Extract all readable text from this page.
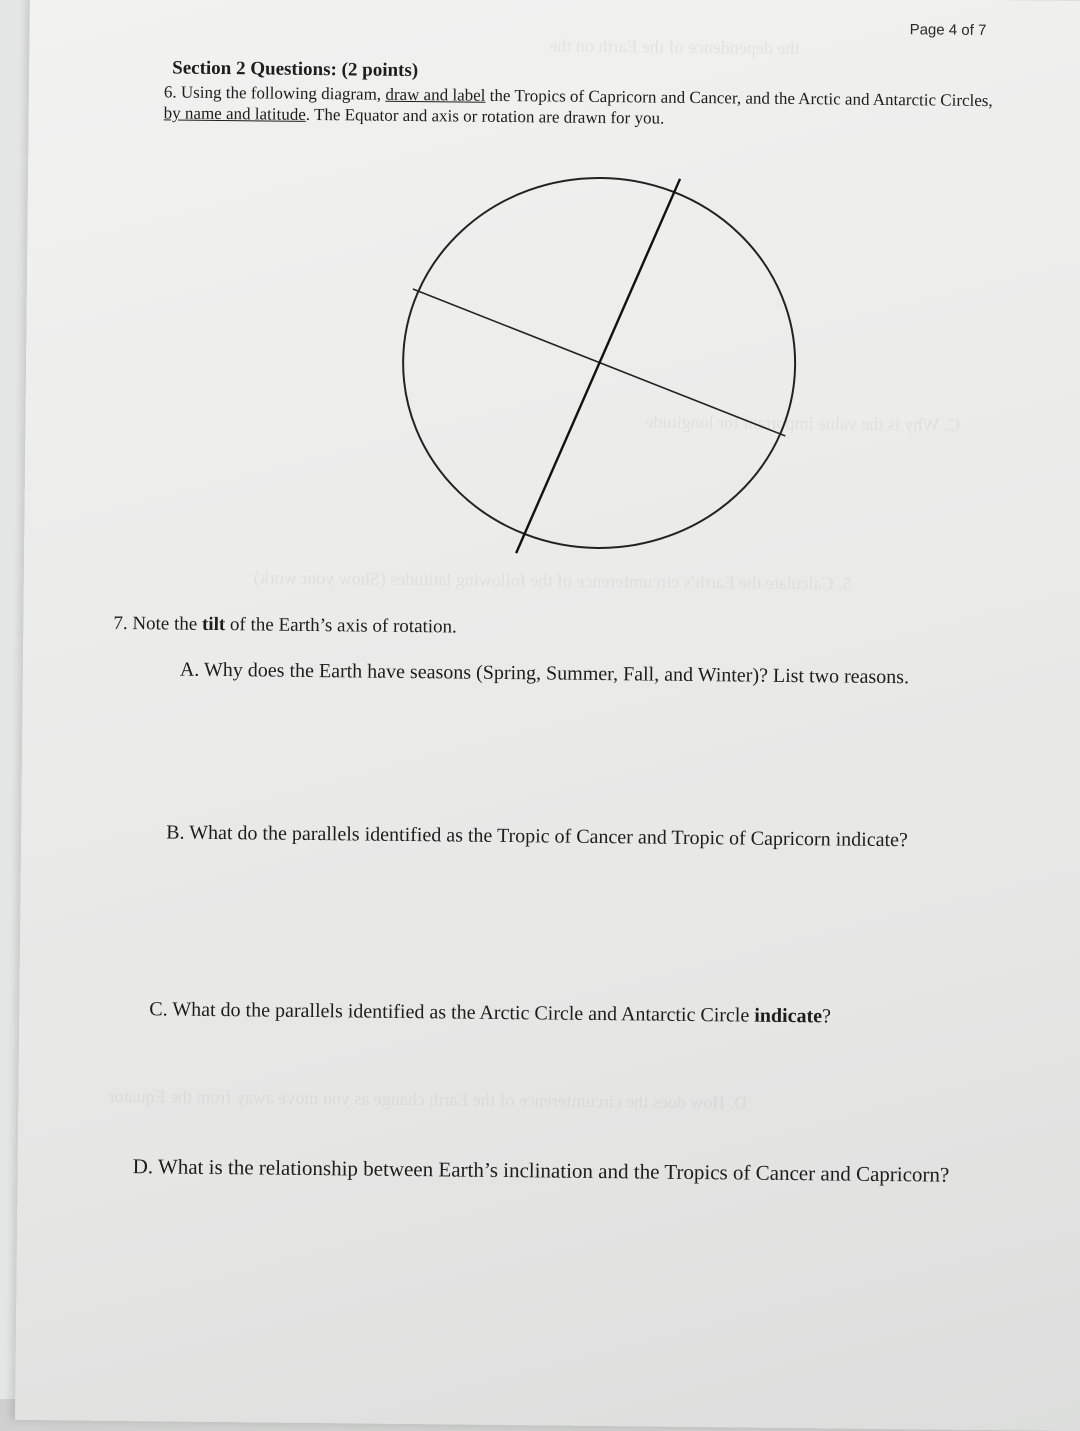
the dependence of the Earth on the
C. Why is the value important for longitude
5. Calculate the Earth’s circumference of the following latitudes (Show your work)
D. How does the circumference of the Earth change as you move away from the Equator
Page 4 of 7
Section 2 Questions: (2 points)
6. Using the following diagram, draw and label the Tropics of Capricorn and Cancer, and the Arctic and Antarctic Circles, by name and latitude. The Equator and axis or rotation are drawn for you.
7. Note the tilt of the Earth’s axis of rotation.
A. Why does the Earth have seasons (Spring, Summer, Fall, and Winter)? List two reasons.
B. What do the parallels identified as the Tropic of Cancer and Tropic of Capricorn indicate?
C. What do the parallels identified as the Arctic Circle and Antarctic Circle indicate?
D. What is the relationship between Earth’s inclination and the Tropics of Cancer and Capricorn?
